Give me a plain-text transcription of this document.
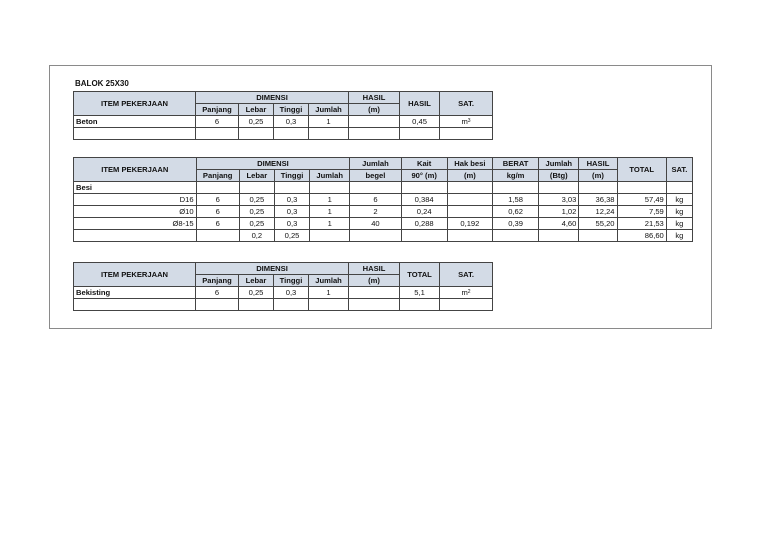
BALOK 25X30
ITEM PEKERJAAN	DIMENSI				HASIL	HASIL	SAT.
	Panjang	Lebar	Tinggi	Jumlah	(m)		
Beton	6	0,25	0,3	1		0,45	$m^3$

ITEM PEKERJAAN	DIMENSI				Jumlah	Kait	Hak besi	BERAT	Jumlah	HASIL	TOTAL	SAT.
	Panjang	Lebar	Tinggi	Jumlah	begel	90° (m)	(m)	kg/m	(Btg)	(m)		
Besi												
D16	6	0,25	0,3	1	6	0,384		1,58	3,03	36,38	57,49	kg
Ø10	6	0,25	0,3	1	2	0,24		0,62	1,02	12,24	7,59	kg
Ø8-15	6	0,25	0,3	1	40	0,288	0,192	0,39	4,60	55,20	21,53	kg
		0,2	0,25								86,60	kg
ITEM PEKERJAAN	DIMENSI				HASIL	TOTAL	SAT.
	Panjang	Lebar	Tinggi	Jumlah	(m)		
Bekisting	6	0,25	0,3	1		5,1	$m^2$
